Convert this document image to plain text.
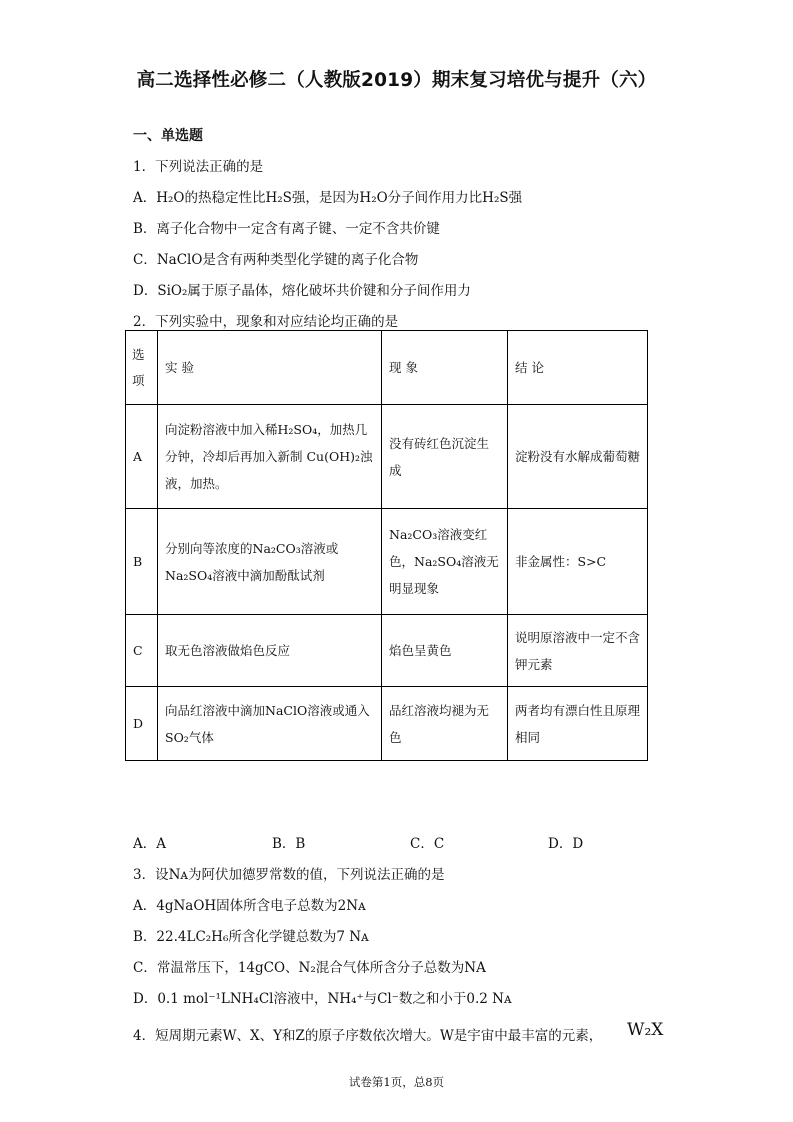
高二选择性必修二（人教版2019）期末复习培优与提升（六）
一、单选题
1．下列说法正确的是
A．H₂O的热稳定性比H₂S强，是因为H₂O分子间作用力比H₂S强
B．离子化合物中一定含有离子键、一定不含共价键
C．NaClO是含有两种类型化学键的离子化合物
D．SiO₂属于原子晶体，熔化破坏共价键和分子间作用力
2．下列实验中，现象和对应结论均正确的是
选项	实 验	现 象	结 论
A	向淀粉溶液中加入稀H₂SO₄，加热几分钟，冷却后再加入新制 Cu(OH)₂浊液，加热。	没有砖红色沉淀生成	淀粉没有水解成葡萄糖
B	分别向等浓度的Na₂CO₃溶液或Na₂SO₄溶液中滴加酚酞试剂	Na₂CO₃溶液变红色，Na₂SO₄溶液无明显现象	非金属性：S>C
C	取无色溶液做焰色反应	焰色呈黄色	说明原溶液中一定不含钾元素
D	向品红溶液中滴加NaClO溶液或通入SO₂气体	品红溶液均褪为无色	两者均有漂白性且原理相同
A．A	B．B	C．C	D．D
3．设Nᴀ为阿伏加德罗常数的值，下列说法正确的是
A．4gNaOH固体所含电子总数为2Nᴀ
B．22.4LC₂H₆所含化学键总数为7 Nᴀ
C．常温常压下，14gCO、N₂混合气体所含分子总数为NA
D．0.1 mol⁻¹LNH₄Cl溶液中，NH₄⁺与Cl⁻数之和小于0.2 Nᴀ
4．短周期元素W、X、Y和Z的原子序数依次增大。W是宇宙中最丰富的元素， W₂X
试卷第1页，总8页
